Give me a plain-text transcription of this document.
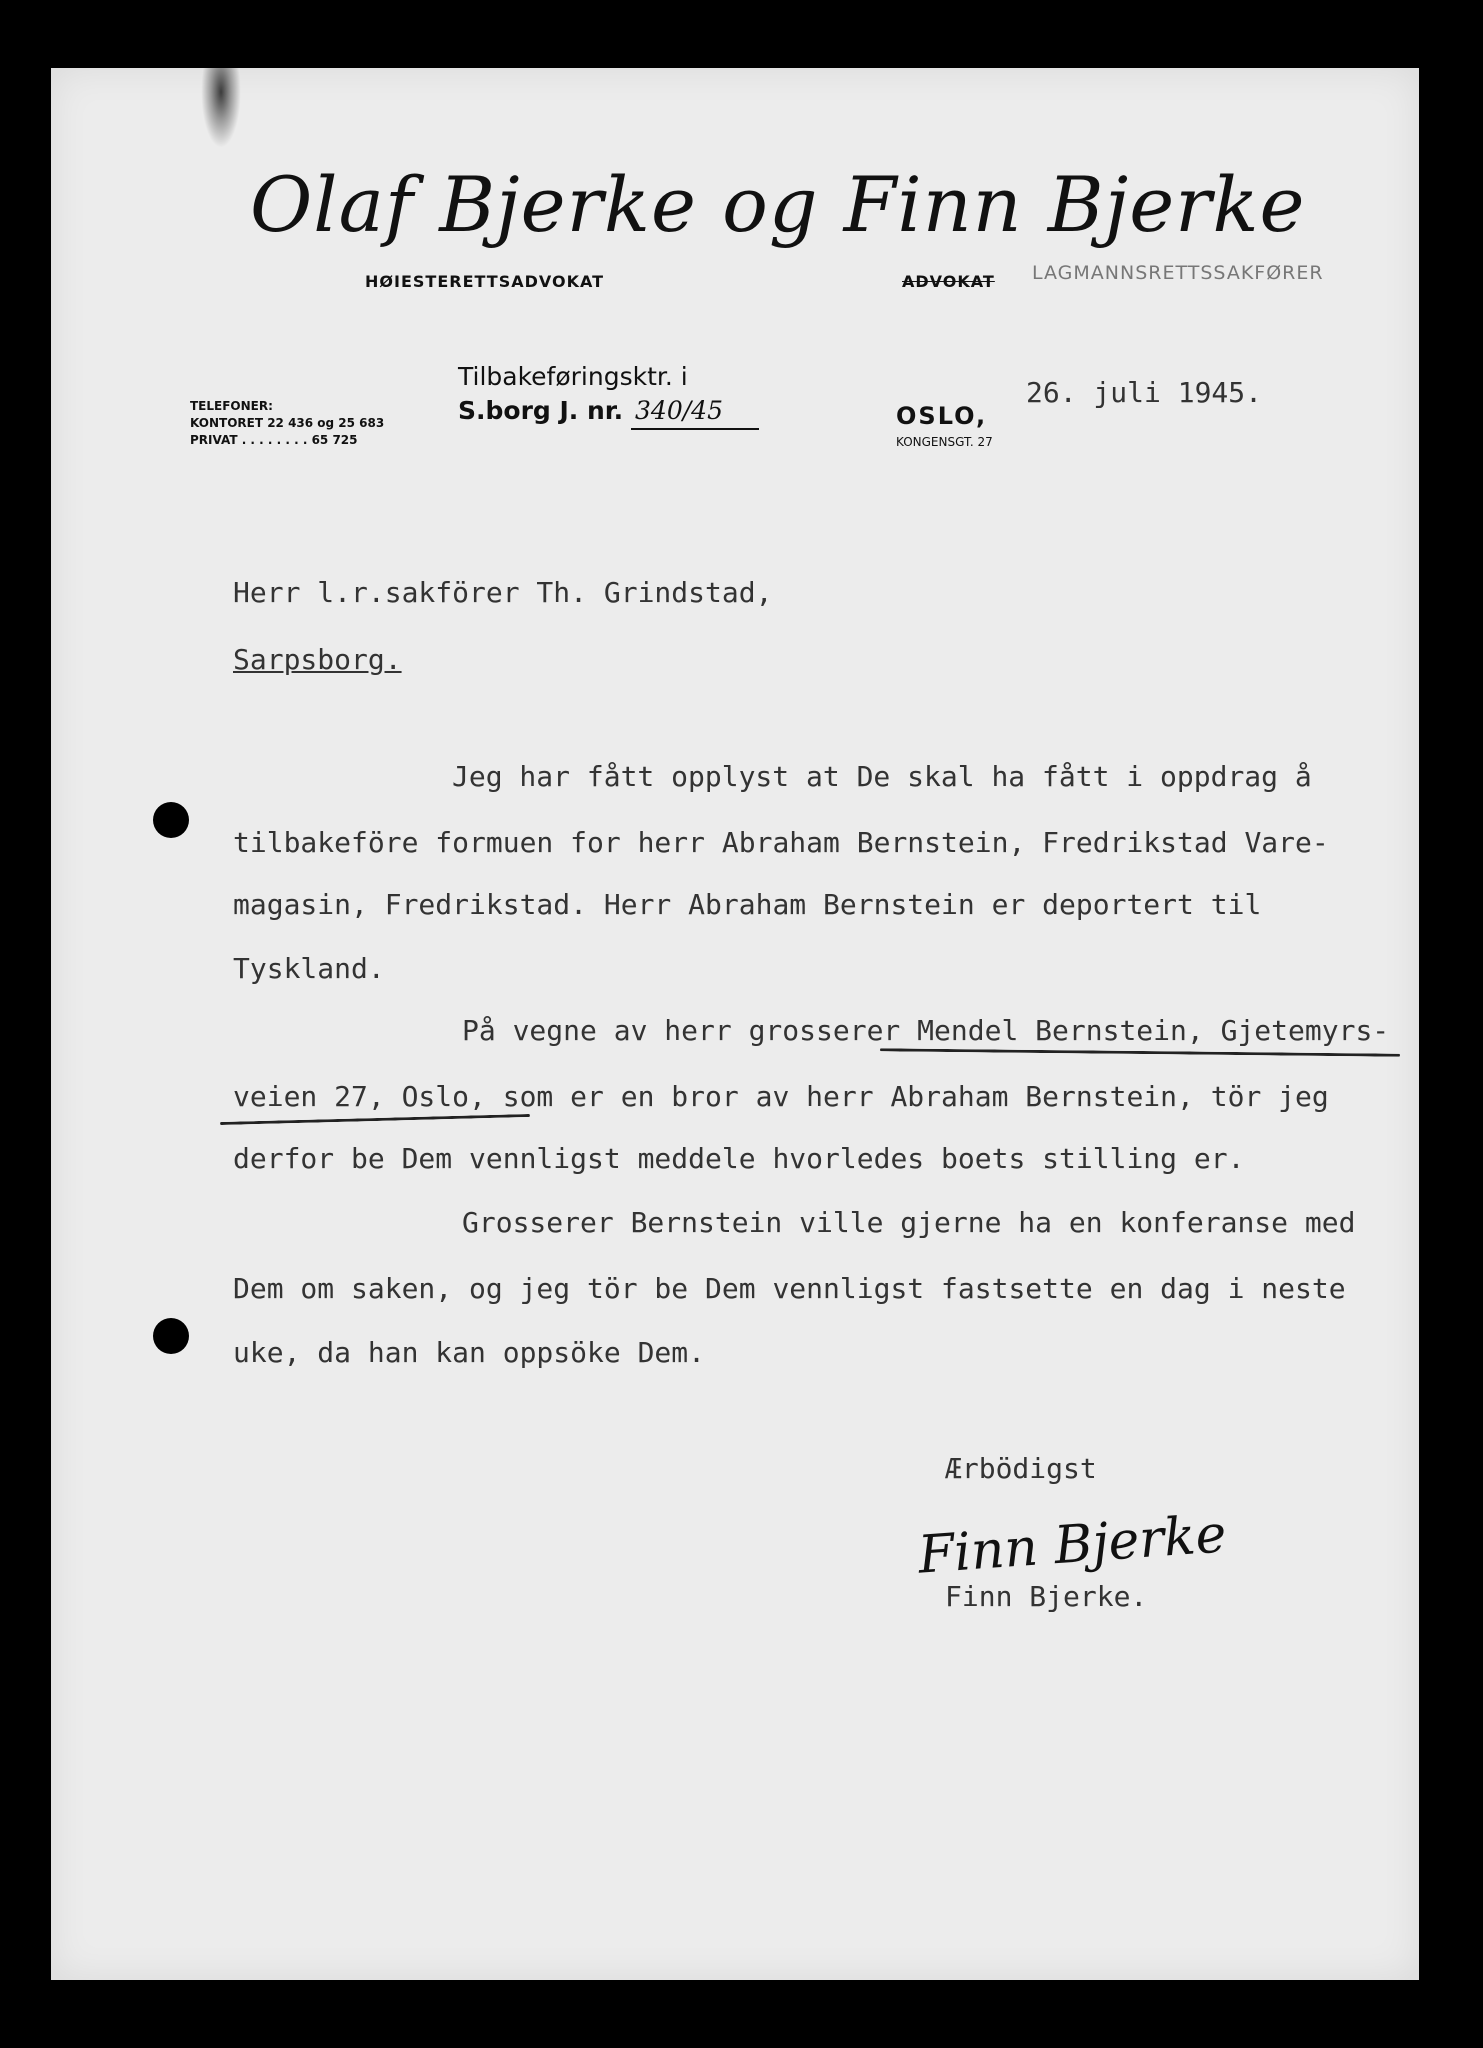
Olaf Bjerke og Finn Bjerke
HØIESTERETTSADVOKAT	ADVOKAT LAGMANNSRETTSSAKFØRER
TELEFONER:
KONTORET 22 436 og 25 683
PRIVAT . . . . . . . . 65 725
Tilbakeføringsktr. i
S.borg J. nr. 340/45	OSLO,
KONGENSGT. 27
26. juli 1945.
Herr l.r.sakförer Th. Grindstad,
Sarpsborg.
Jeg har fått opplyst at De skal ha fått i oppdrag å
tilbakeföre formuen for herr Abraham Bernstein, Fredrikstad Vare-
magasin, Fredrikstad. Herr Abraham Bernstein er deportert til
Tyskland.
På vegne av herr grosserer Mendel Bernstein, Gjetemyrs-
veien 27, Oslo, som er en bror av herr Abraham Bernstein, tör jeg
derfor be Dem vennligst meddele hvorledes boets stilling er.
Grosserer Bernstein ville gjerne ha en konferanse med
Dem om saken, og jeg tör be Dem vennligst fastsette en dag i neste
uke, da han kan oppsöke Dem.
Ærbödigst
Finn Bjerke
Finn Bjerke.
